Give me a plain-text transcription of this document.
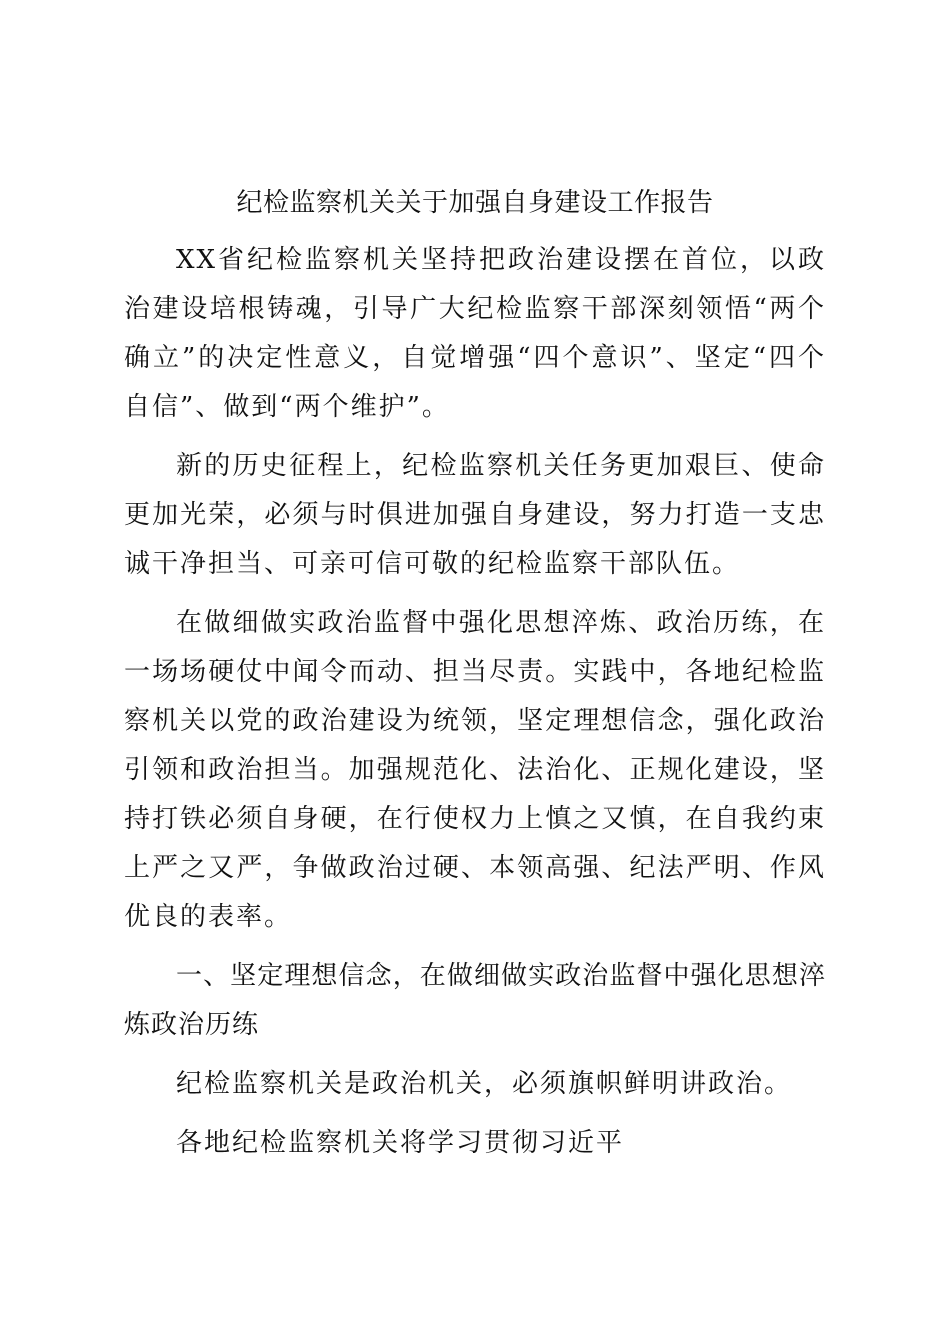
纪检监察机关关于加强自身建设工作报告

XX省纪检监察机关坚持把政治建设摆在首位，以政治建设培根铸魂，引导广大纪检监察干部深刻领悟“两个确立”的决定性意义，自觉增强“四个意识”、坚定“四个自信”、做到“两个维护”。

新的历史征程上，纪检监察机关任务更加艰巨、使命更加光荣，必须与时俱进加强自身建设，努力打造一支忠诚干净担当、可亲可信可敬的纪检监察干部队伍。

在做细做实政治监督中强化思想淬炼、政治历练，在一场场硬仗中闻令而动、担当尽责。实践中，各地纪检监察机关以党的政治建设为统领，坚定理想信念，强化政治引领和政治担当。加强规范化、法治化、正规化建设，坚持打铁必须自身硬，在行使权力上慎之又慎，在自我约束上严之又严，争做政治过硬、本领高强、纪法严明、作风优良的表率。

一、坚定理想信念，在做细做实政治监督中强化思想淬炼政治历练

纪检监察机关是政治机关，必须旗帜鲜明讲政治。

各地纪检监察机关将学习贯彻习近平
